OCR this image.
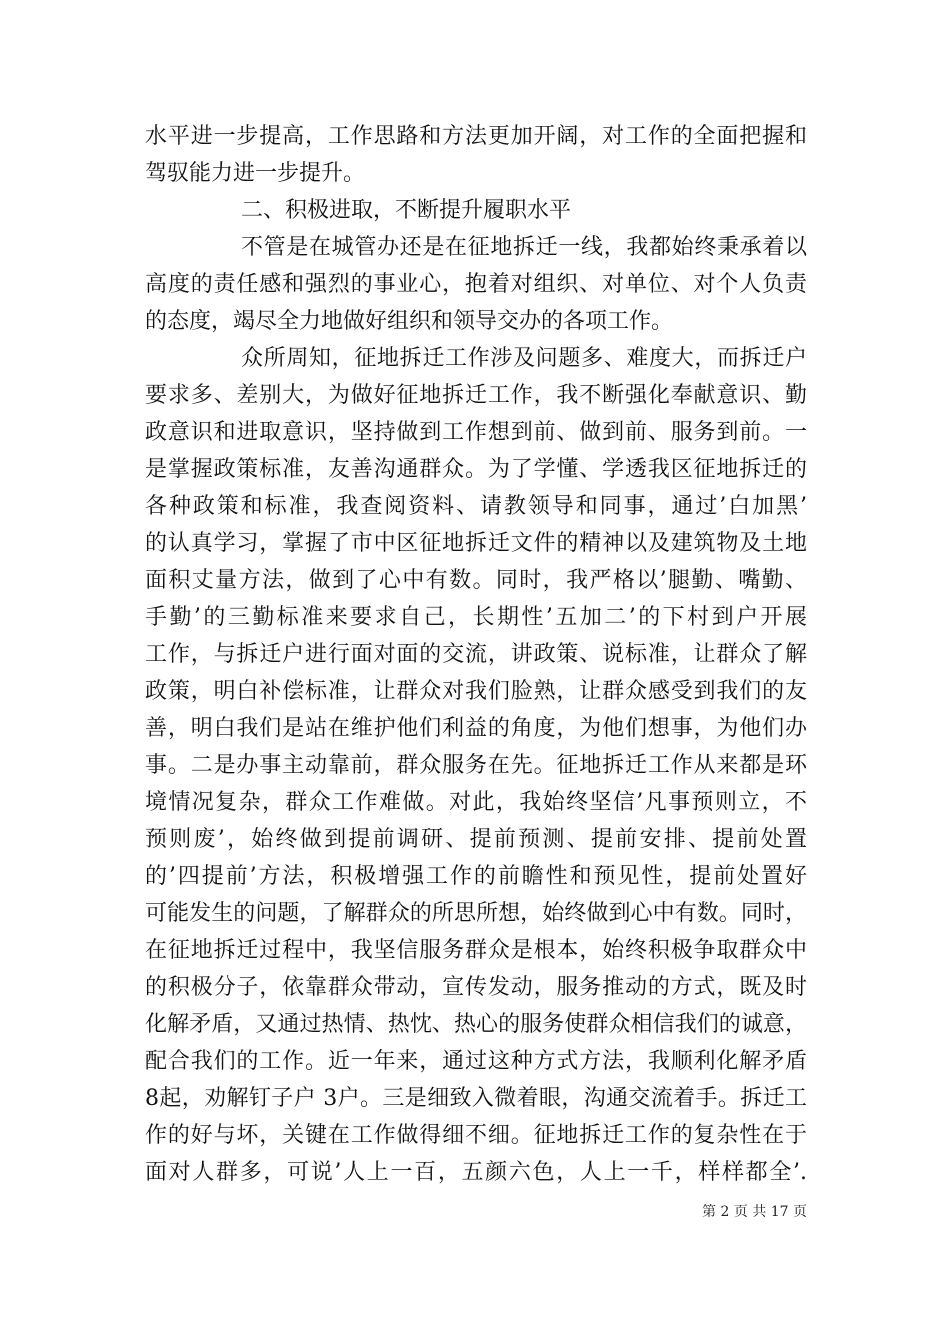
水平进一步提高，工作思路和方法更加开阔，对工作的全面把握和
驾驭能力进一步提升。
二、积极进取，不断提升履职水平
不管是在城管办还是在征地拆迁一线，我都始终秉承着以
高度的责任感和强烈的事业心，抱着对组织、对单位、对个人负责
的态度，竭尽全力地做好组织和领导交办的各项工作。
众所周知，征地拆迁工作涉及问题多、难度大，而拆迁户
要求多、差别大，为做好征地拆迁工作，我不断强化奉献意识、勤
政意识和进取意识，坚持做到工作想到前、做到前、服务到前。一
是掌握政策标准，友善沟通群众。为了学懂、学透我区征地拆迁的
各种政策和标准，我查阅资料、请教领导和同事，通过’白加黑’
的认真学习，掌握了市中区征地拆迁文件的精神以及建筑物及土地
面积丈量方法，做到了心中有数。同时，我严格以’腿勤、嘴勤、
手勤’的三勤标准来要求自己，长期性’五加二’的下村到户开展
工作，与拆迁户进行面对面的交流，讲政策、说标准，让群众了解
政策，明白补偿标准，让群众对我们脸熟，让群众感受到我们的友
善，明白我们是站在维护他们利益的角度，为他们想事，为他们办
事。二是办事主动靠前，群众服务在先。征地拆迁工作从来都是环
境情况复杂，群众工作难做。对此，我始终坚信’凡事预则立，不
预则废’，始终做到提前调研、提前预测、提前安排、提前处置
的’四提前’方法，积极增强工作的前瞻性和预见性，提前处置好
可能发生的问题，了解群众的所思所想，始终做到心中有数。同时，
在征地拆迁过程中，我坚信服务群众是根本，始终积极争取群众中
的积极分子，依靠群众带动，宣传发动，服务推动的方式，既及时
化解矛盾，又通过热情、热忱、热心的服务使群众相信我们的诚意，
配合我们的工作。近一年来，通过这种方式方法，我顺利化解矛盾
8起，劝解钉子户 3户。三是细致入微着眼，沟通交流着手。拆迁工
作的好与坏，关键在工作做得细不细。征地拆迁工作的复杂性在于
面对人群多，可说’人上一百，五颜六色，人上一千，样样都全’.
第 2 页 共 17 页
